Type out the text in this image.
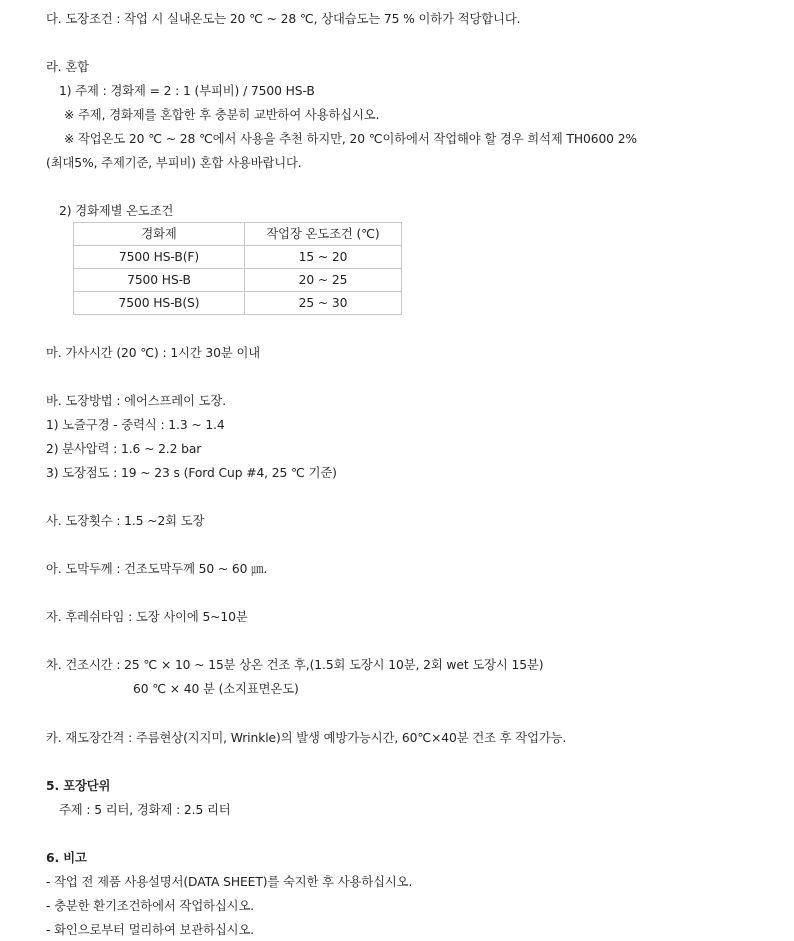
다. 도장조건 : 작업 시 실내온도는 20 ℃ ~ 28 ℃, 상대습도는 75 % 이하가 적당합니다.
라. 혼합
1) 주제 : 경화제 = 2 : 1 (부피비) / 7500 HS-B
※ 주제, 경화제를 혼합한 후 충분히 교반하여 사용하십시오.
※ 작업온도 20 ℃ ~ 28 ℃에서 사용을 추천 하지만, 20 ℃이하에서 작업해야 할 경우 희석제 TH0600 2%
(최대5%, 주제기준, 부피비) 혼합 사용바랍니다.
2) 경화제별 온도조건
경화제	작업장 온도조건 (℃)
7500 HS-B(F)	15 ~ 20
7500 HS-B	20 ~ 25
7500 HS-B(S)	25 ~ 30
마. 가사시간 (20 ℃) : 1시간 30분 이내
바. 도장방법 : 에어스프레이 도장.
1) 노즐구경 - 중력식 : 1.3 ~ 1.4
2) 분사압력 : 1.6 ~ 2.2 bar
3) 도장점도 : 19 ~ 23 s (Ford Cup #4, 25 ℃ 기준)
사. 도장횟수 : 1.5 ~2회 도장
아. 도막두께 : 건조도막두께 50 ~ 60 ㎛.
자. 후레쉬타임 : 도장 사이에 5~10분
차. 건조시간 : 25 ℃ × 10 ~ 15분 상온 건조 후,(1.5회 도장시 10분, 2회 wet 도장시 15분)
60 ℃ × 40 분 (소지표면온도)
카. 재도장간격 : 주름현상(지지미, Wrinkle)의 발생 예방가능시간, 60℃×40분 건조 후 작업가능.
5. 포장단위
주제 : 5 리터, 경화제 : 2.5 리터
6. 비고
- 작업 전 제품 사용설명서(DATA SHEET)를 숙지한 후 사용하십시오.
- 충분한 환기조건하에서 작업하십시오.
- 화인으로부터 멀리하여 보관하십시오.
